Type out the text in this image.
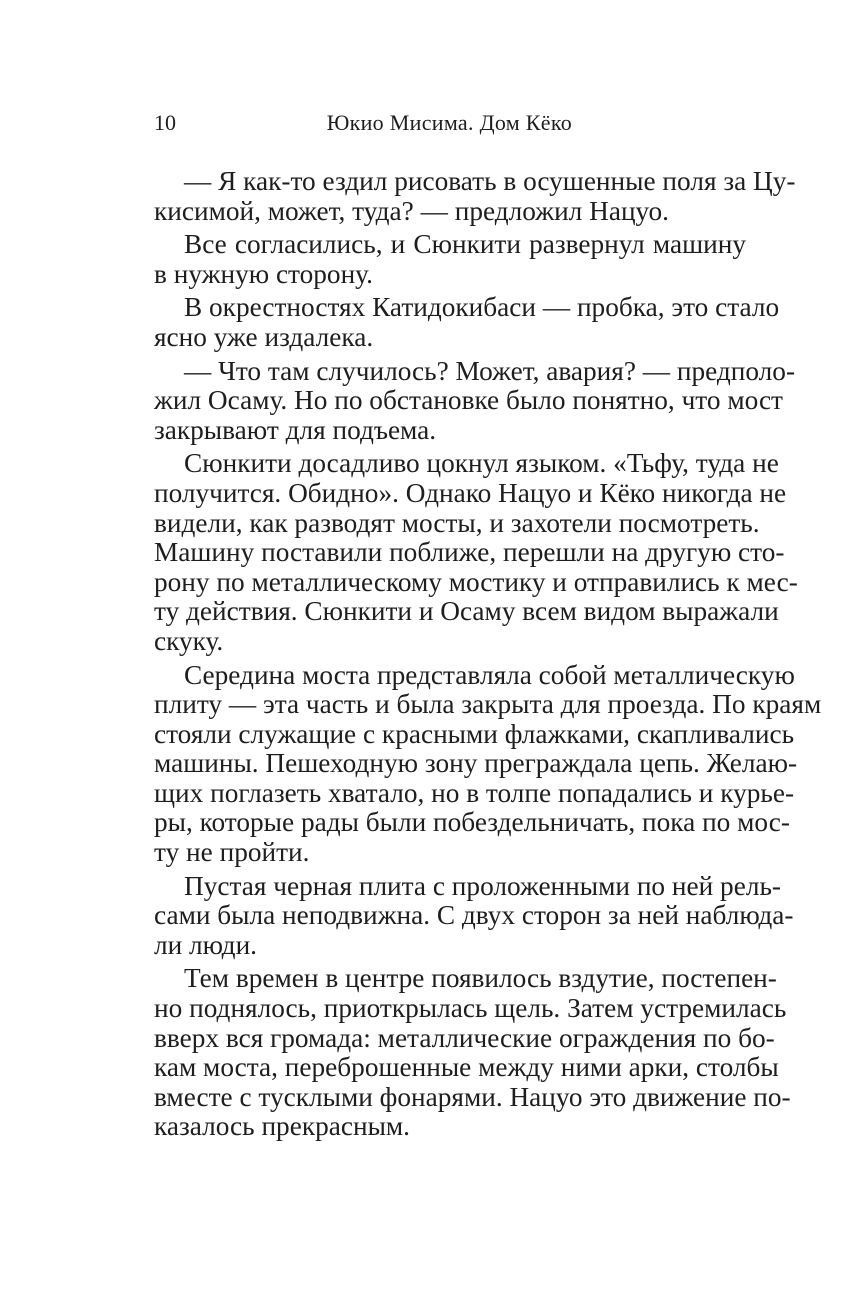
10	Юкио Мисима. Дом Кёко
— Я как-то ездил рисовать в осушенные поля за Цу-
кисимой, может, туда? — предложил Нацуо.
Все согласились, и Сюнкити развернул машину
в нужную сторону.
В окрестностях Катидокибаси — пробка, это стало
ясно уже издалека.
— Что там случилось? Может, авария? — предполо-
жил Осаму. Но по обстановке было понятно, что мост
закрывают для подъема.
Сюнкити досадливо цокнул языком. «Тьфу, туда не
получится. Обидно». Однако Нацуо и Кёко никогда не
видели, как разводят мосты, и захотели посмотреть.
Машину поставили поближе, перешли на другую сто-
рону по металлическому мостику и отправились к мес-
ту действия. Сюнкити и Осаму всем видом выражали
скуку.
Середина моста представляла собой металлическую
плиту — эта часть и была закрыта для проезда. По краям
стояли служащие с красными флажками, скапливались
машины. Пешеходную зону преграждала цепь. Желаю-
щих поглазеть хватало, но в толпе попадались и курье-
ры, которые рады были побездельничать, пока по мос-
ту не пройти.
Пустая черная плита с проложенными по ней рель-
сами была неподвижна. С двух сторон за ней наблюда-
ли люди.
Тем времен в центре появилось вздутие, постепен-
но поднялось, приоткрылась щель. Затем устремилась
вверх вся громада: металлические ограждения по бо-
кам моста, переброшенные между ними арки, столбы
вместе с тусклыми фонарями. Нацуо это движение по-
казалось прекрасным.
